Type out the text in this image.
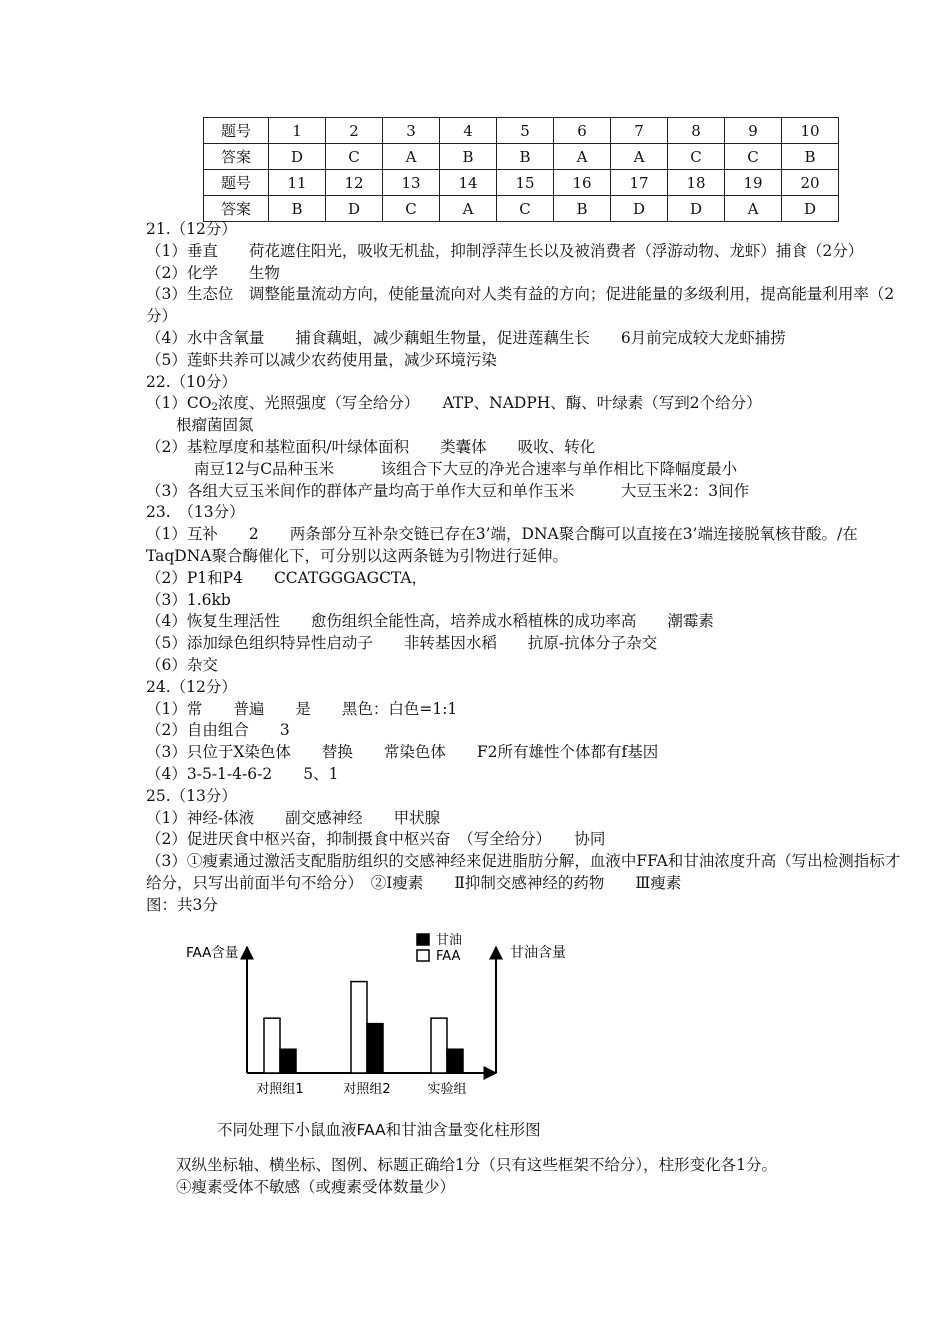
题号	1	2	3	4	5	6	7	8	9	10
答案	D	C	A	B	B	A	A	C	C	B
题号	11	12	13	14	15	16	17	18	19	20
答案	B	D	C	A	C	B	D	D	A	D
21.（12分）
（1）垂直　　荷花遮住阳光，吸收无机盐，抑制浮萍生长以及被消费者（浮游动物、龙虾）捕食（2分）
（2）化学　　生物
（3）生态位　调整能量流动方向，使能量流向对人类有益的方向；促进能量的多级利用，提高能量利用率（2分）
（4）水中含氧量　　捕食藕蛆，减少藕蛆生物量，促进莲藕生长　　6月前完成较大龙虾捕捞
（5）莲虾共养可以减少农药使用量，减少环境污染
22.（10分）
$(1)CO_2$浓度、光照强度（写全给分）　　ATP、NADPH、酶、叶绿素（写到2个给分）
根瘤菌固氮
（2）基粒厚度和基粒面积/叶绿体面积　　类囊体　　吸收、转化
南豆12与C品种玉米　　　该组合下大豆的净光合速率与单作相比下降幅度最小
（3）各组大豆玉米间作的群体产量均高于单作大豆和单作玉米　　　大豆玉米2：3间作
23.　（13分）
（1）互补　　2　　两条部分互补杂交链已存在3’端，DNA聚合酶可以直接在3’端连接脱氧核苷酸。/在TaqDNA聚合酶催化下，可分别以这两条链为引物进行延伸。
（2）P1和P4　　CCATGGGAGCTA，
（3）1.6kb
（4）恢复生理活性　　愈伤组织全能性高，培养成水稻植株的成功率高　　潮霉素
（5）添加绿色组织特异性启动子　　非转基因水稻　　抗原-抗体分子杂交
（6）杂交
24.（12分）
（1）常　　普遍　　是　　黑色：白色=1:1
（2）自由组合　　3
（3）只位于X染色体　　替换　　常染色体　　F2所有雄性个体都有f基因
（4）3-5-1-4-6-2　　5、1
25.（13分）
（1）神经-体液　　副交感神经　　甲状腺
（2）促进厌食中枢兴奋，抑制摄食中枢兴奋　（写全给分）　　协同
（3）①瘦素通过激活支配脂肪组织的交感神经来促进脂肪分解，血液中FFA和甘油浓度升高（写出检测指标才给分，只写出前面半句不给分）　②Ⅰ瘦素　　Ⅱ抑制交感神经的药物　　Ⅲ瘦素
图：共3分
FAA含量	甘油含量
甘油
FAA
对照组1	对照组2	实验组
不同处理下小鼠血液FAA和甘油含量变化柱形图
双纵坐标轴、横坐标、图例、标题正确给1分（只有这些框架不给分），柱形变化各1分。
④瘦素受体不敏感（或瘦素受体数量少）
